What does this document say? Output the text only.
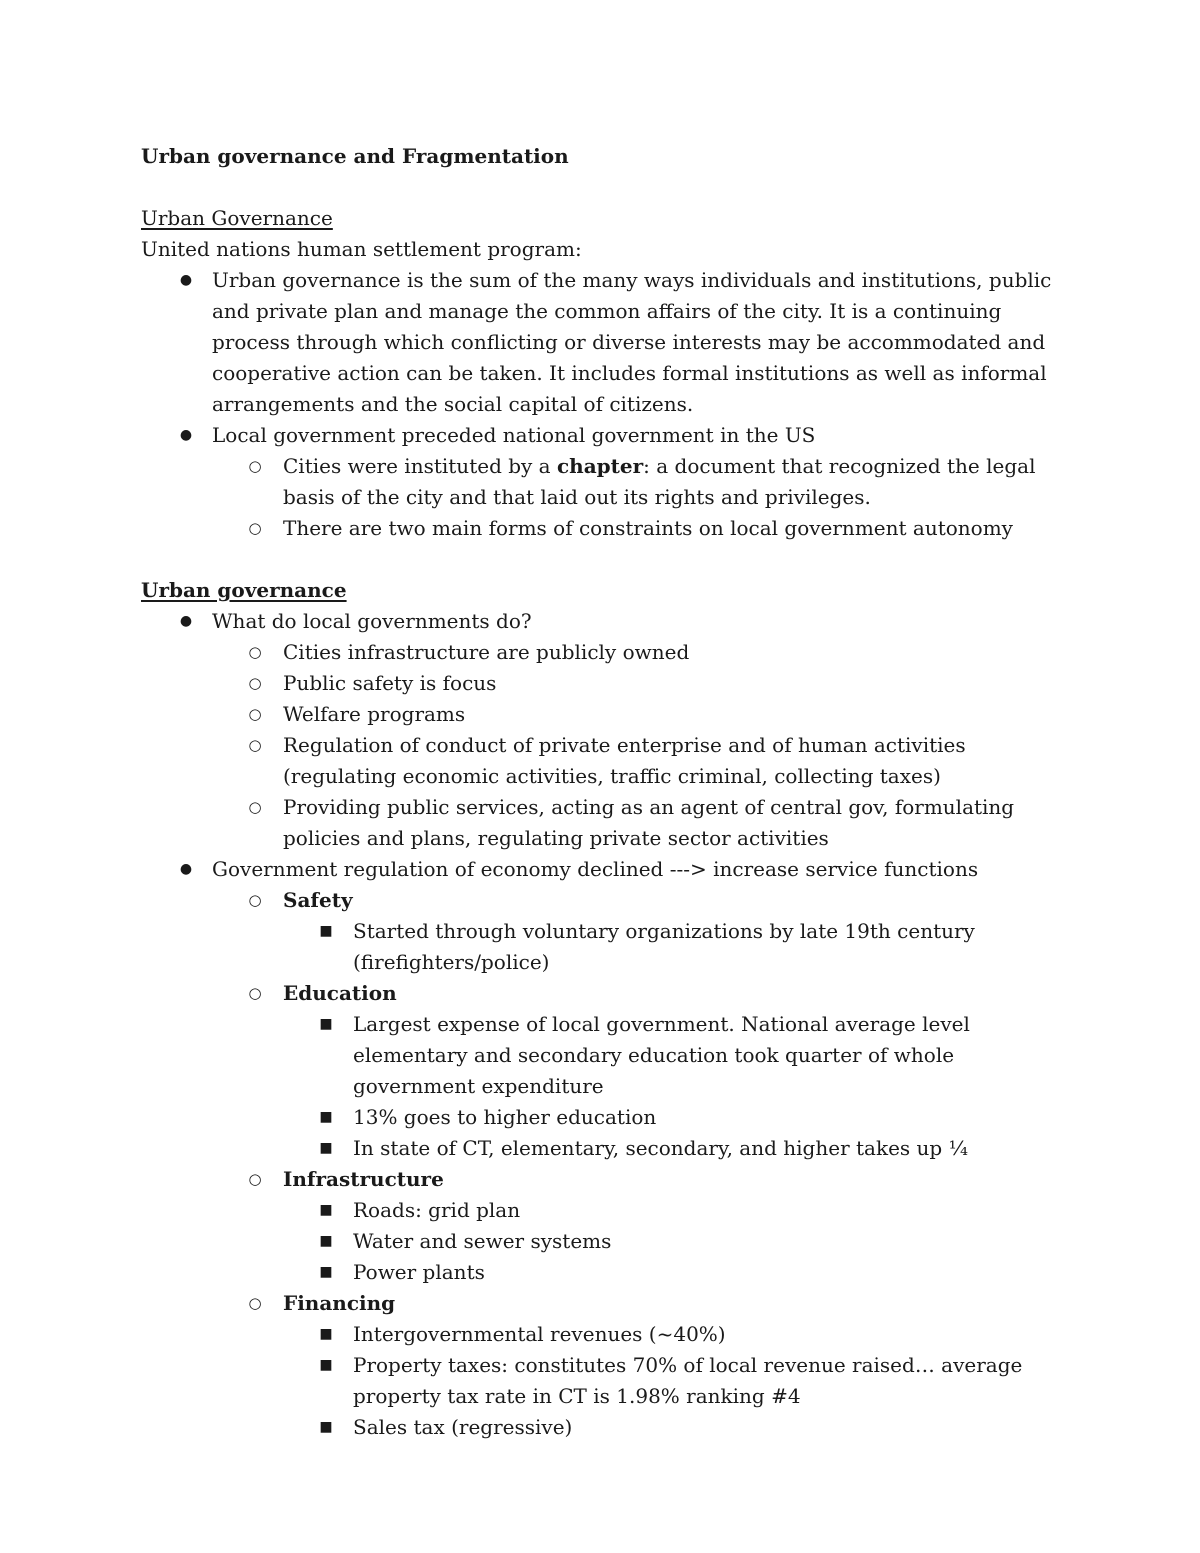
Urban governance and Fragmentation
Urban Governance
United nations human settlement program:
● Urban governance is the sum of the many ways individuals and institutions, public and private plan and manage the common affairs of the city. It is a continuing process through which conflicting or diverse interests may be accommodated and cooperative action can be taken. It includes formal institutions as well as informal arrangements and the social capital of citizens.
● Local government preceded national government in the US
○ Cities were instituted by a chapter: a document that recognized the legal basis of the city and that laid out its rights and privileges.
○ There are two main forms of constraints on local government autonomy
Urban governance
● What do local governments do?
○ Cities infrastructure are publicly owned
○ Public safety is focus
○ Welfare programs
○ Regulation of conduct of private enterprise and of human activities (regulating economic activities, traffic criminal, collecting taxes)
○ Providing public services, acting as an agent of central gov, formulating policies and plans, regulating private sector activities
● Government regulation of economy declined ---> increase service functions
○ Safety
■ Started through voluntary organizations by late 19th century (firefighters/police)
○ Education
■ Largest expense of local government. National average level elementary and secondary education took quarter of whole government expenditure
■ 13% goes to higher education
■ In state of CT, elementary, secondary, and higher takes up ¼
○ Infrastructure
■ Roads: grid plan
■ Water and sewer systems
■ Power plants
○ Financing
■ Intergovernmental revenues (~40%)
■ Property taxes: constitutes 70% of local revenue raised… average property tax rate in CT is 1.98% ranking #4
■ Sales tax (regressive)
